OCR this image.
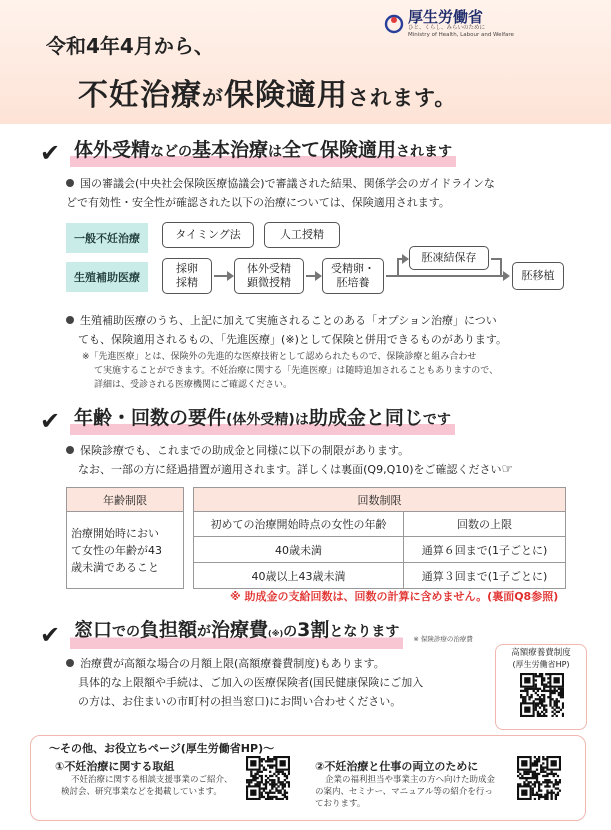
厚生労働省
ひと、くらし、みらいのために
Ministry of Health, Labour and Welfare
令和4年4月から、
不妊治療が保険適用されます。
✔ 体外受精などの基本治療は全て保険適用されます
国の審議会(中央社会保険医療協議会)で審議された結果、関係学会のガイドラインな
どで有効性・安全性が確認された以下の治療については、保険適用されます。
一般不妊治療
生殖補助医療
タイミング法	人工授精
採卵
採精
体外受精
顕微授精
受精卵・
胚培養
胚凍結保存
胚移植
生殖補助医療のうち、上記に加えて実施されることのある「オプション治療」につい
ても、保険適用されるもの、「先進医療」(※)として保険と併用できるものがあります。
※「先進医療」とは、保険外の先進的な医療技術として認められたもので、保険診療と組み合わせ
て実施することができます。不妊治療に関する「先進医療」は随時追加されることもありますので、
詳細は、受診される医療機関にご確認ください。
✔ 年齢・回数の要件(体外受精)は助成金と同じです
保険診療でも、これまでの助成金と同様に以下の制限があります。
なお、一部の方に経過措置が適用されます。詳しくは裏面(Q9,Q10)をご確認ください☞
年齢制限		回数制限	

治療開始時におい
て女性の年齢が43
歳未満であること		初めての治療開始時点の女性の年齢	回数の上限
		40歳未満	通算６回まで(1子ごとに)
		40歳以上43歳未満	通算３回まで(1子ごとに)
※ 助成金の支給回数は、回数の計算に含めません。(裏面Q8参照)
✔ 窓口での負担額が治療費(※)の3割となります	※ 保険診療の治療費
治療費が高額な場合の月額上限(高額療養費制度)もあります。
具体的な上限額や手続は、ご加入の医療保険者(国民健康保険にご加入
の方は、お住まいの市町村の担当窓口)にお問い合わせください。
高額療養費制度
(厚生労働省HP)
～その他、お役立ちページ(厚生労働省HP)～
①不妊治療に関する取組
不妊治療に関する相談支援事業のご紹介、
検討会、研究事業などを掲載しています。
②不妊治療と仕事の両立のために
企業の福利担当や事業主の方へ向けた助成金
の案内、セミナー、マニュアル等の紹介を行っ
ております。
